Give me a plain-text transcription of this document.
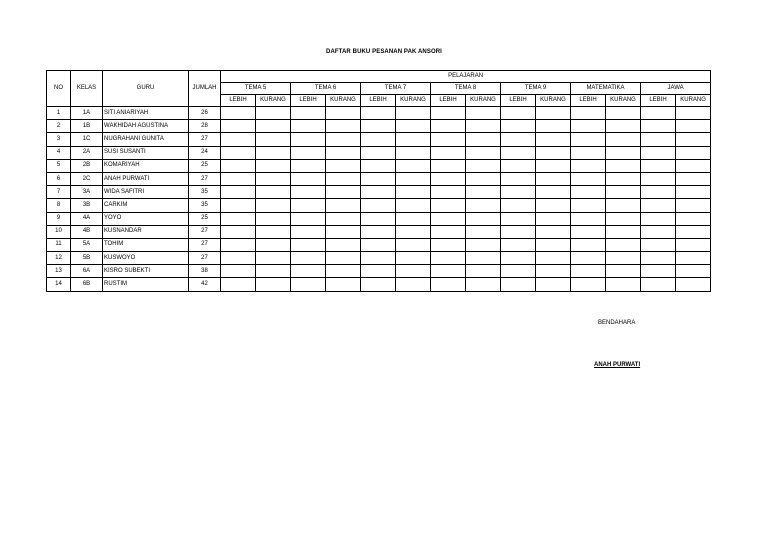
DAFTAR BUKU PESANAN PAK ANSORI
NO	KELAS	GURU	JUMLAH	PELAJARAN													
				TEMA 5		TEMA 6		TEMA 7		TEMA 8		TEMA 9		MATEMATIKA		JAWA	
				LEBIH	KURANG	LEBIH	KURANG	LEBIH	KURANG	LEBIH	KURANG	LEBIH	KURANG	LEBIH	KURANG	LEBIH	KURANG
1	1A	SITI ANIARIYAH	26														
2	1B	WAKHIDAH AGUSTINA	28														
3	1C	NUGRAHANI GUNITA	27														
4	2A	SUSI SUSANTI	24														
5	2B	KOMARIYAH	25														
6	2C	ANAH PURWATI	27														
7	3A	WIDA SAFITRI	35														
8	3B	CARKIM	35														
9	4A	YOYO	25														
10	4B	KUSNANDAR	27														
11	5A	TOHIM	27														
12	5B	KUSWOYO	27														
13	6A	KISRO SUBEKTI	38														
14	6B	RUSTIM	42														
BENDAHARA
ANAH PURWATI
